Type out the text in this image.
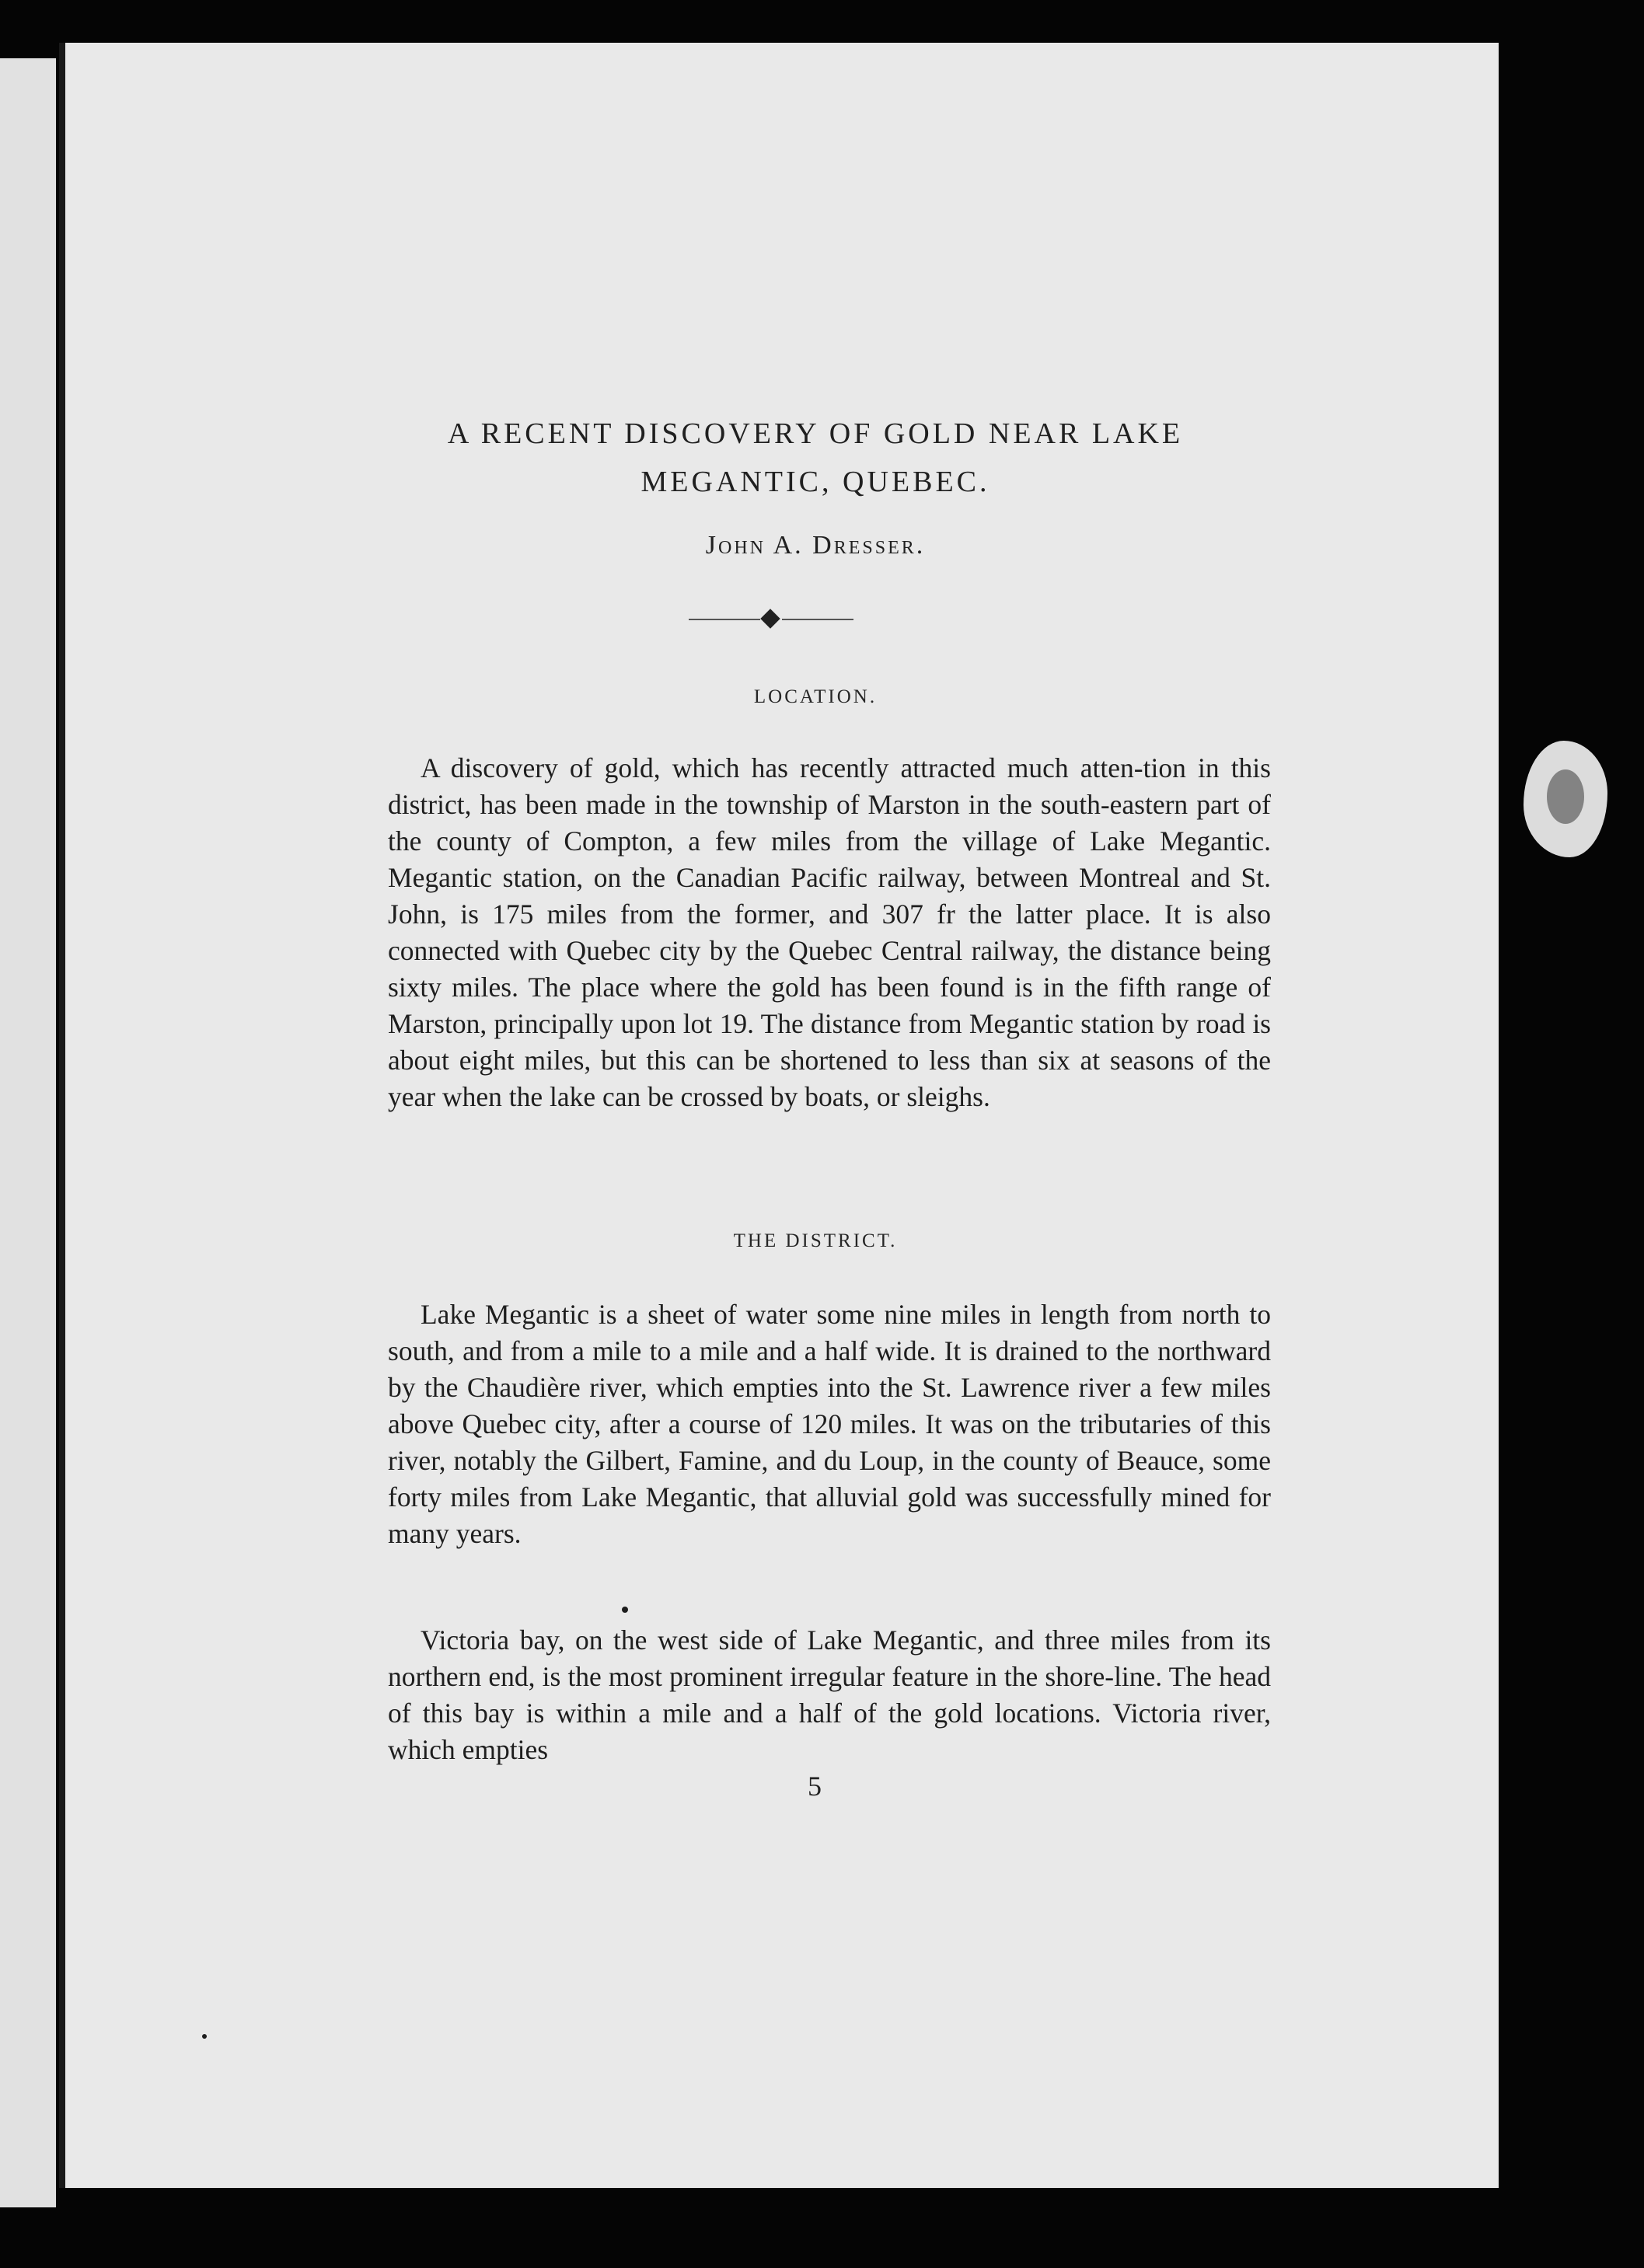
A RECENT DISCOVERY OF GOLD NEAR LAKE
MEGANTIC, QUEBEC.
John A. Dresser.
LOCATION.

A discovery of gold, which has recently attracted much atten-tion in this district, has been made in the township of Marston in the south-eastern part of the county of Compton, a few miles from the village of Lake Megantic. Megantic station, on the Canadian Pacific railway, between Montreal and St. John, is 175 miles from the former, and 307 fr the latter place. It is also connected with Quebec city by the Quebec Central railway, the distance being sixty miles. The place where the gold has been found is in the fifth range of Marston, principally upon lot 19. The distance from Megantic station by road is about eight miles, but this can be shortened to less than six at seasons of the year when the lake can be crossed by boats, or sleighs.

THE DISTRICT.

Lake Megantic is a sheet of water some nine miles in length from north to south, and from a mile to a mile and a half wide. It is drained to the northward by the Chaudière river, which empties into the St. Lawrence river a few miles above Quebec city, after a course of 120 miles. It was on the tributaries of this river, notably the Gilbert, Famine, and du Loup, in the county of Beauce, some forty miles from Lake Megantic, that alluvial gold was successfully mined for many years.

Victoria bay, on the west side of Lake Megantic, and three miles from its northern end, is the most prominent irregular feature in the shore-line. The head of this bay is within a mile and a half of the gold locations. Victoria river, which empties

5
